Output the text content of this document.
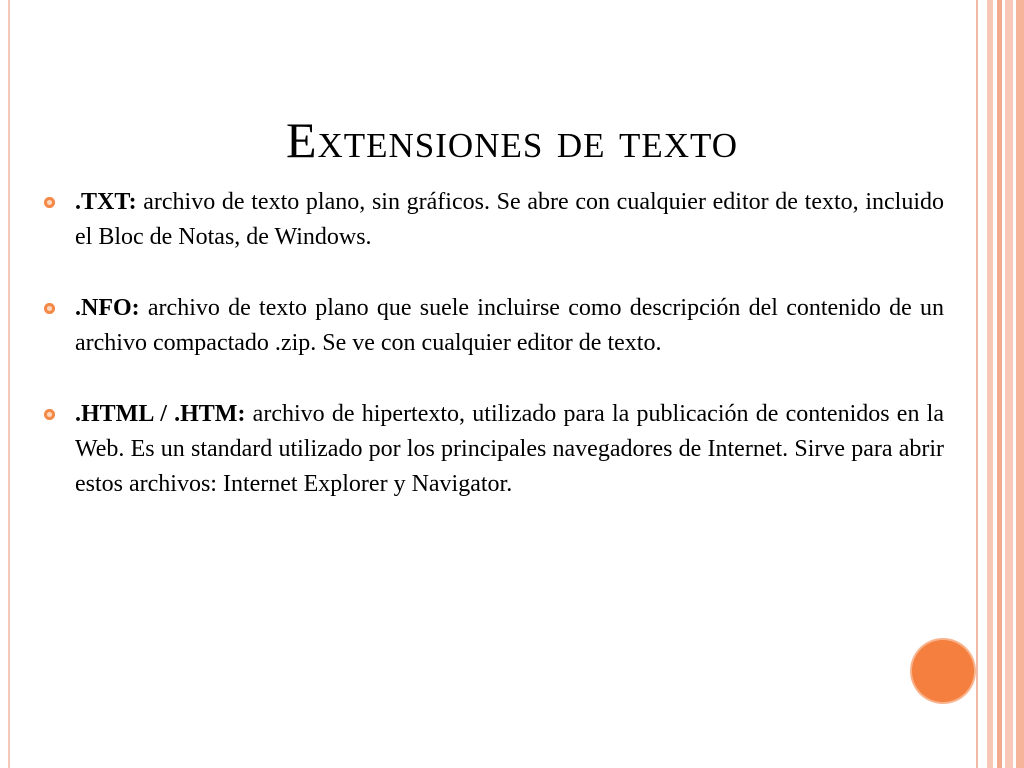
Extensiones de texto
.TXT: archivo de texto plano, sin gráficos. Se abre con cualquier editor de texto, incluido el Bloc de Notas, de Windows.
.NFO: archivo de texto plano que suele incluirse como descripción del contenido de un archivo compactado .zip. Se ve con cualquier editor de texto.
.HTML / .HTM: archivo de hipertexto, utilizado para la publicación de contenidos en la Web. Es un standard utilizado por los principales navegadores de Internet. Sirve para abrir estos archivos: Internet Explorer y Navigator.
